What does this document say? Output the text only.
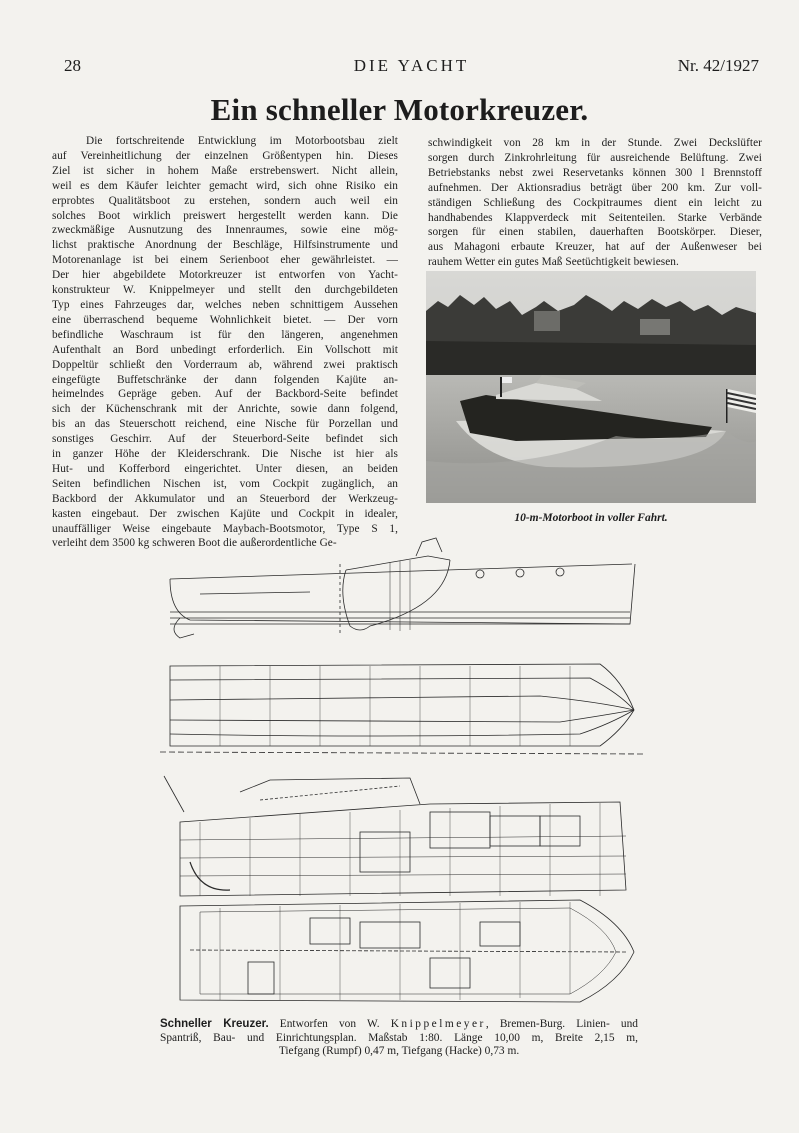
28	DIE YACHT	Nr. 42/1927
Ein schneller Motorkreuzer.
Die fortschreitende Entwicklung im Motorbootsbau zielt
auf Vereinheitlichung der einzelnen Größentypen hin. Dieses
Ziel ist sicher in hohem Maße erstrebenswert. Nicht allein,
weil es dem Käufer leichter gemacht wird, sich ohne Risiko ein
erprobtes Qualitätsboot zu erstehen, sondern auch weil ein
solches Boot wirklich preiswert hergestellt werden kann. Die
zweckmäßige Ausnutzung des Innenraumes, sowie eine mög-
lichst praktische Anordnung der Beschläge, Hilfsinstrumente und
Motorenanlage ist bei einem Serienboot eher gewährleistet. —
Der hier abgebildete Motorkreuzer ist entworfen von Yacht-
konstrukteur W. Knippelmeyer und stellt den durchgebildeten
Typ eines Fahrzeuges dar, welches neben schnittigem Aussehen
eine überraschend bequeme Wohnlichkeit bietet. — Der vorn
befindliche Waschraum ist für den längeren, angenehmen
Aufenthalt an Bord unbedingt erforderlich. Ein Vollschott mit
Doppeltür schließt den Vorderraum ab, während zwei praktisch
eingefügte Buffetschränke der dann folgenden Kajüte an-
heimelndes Gepräge geben. Auf der Backbord-Seite befindet
sich der Küchenschrank mit der Anrichte, sowie dann folgend,
bis an das Steuerschott reichend, eine Nische für Porzellan und
sonstiges Geschirr. Auf der Steuerbord-Seite befindet sich
in ganzer Höhe der Kleiderschrank. Die Nische ist hier als
Hut- und Kofferbord eingerichtet. Unter diesen, an beiden
Seiten befindlichen Nischen ist, vom Cockpit zugänglich, an
Backbord der Akkumulator und an Steuerbord der Werkzeug-
kasten eingebaut. Der zwischen Kajüte und Cockpit in idealer,
unauffälliger Weise eingebaute Maybach-Bootsmotor, Type S 1,
verleiht dem 3500 kg schweren Boot die außerordentliche Ge-
schwindigkeit von 28 km in der Stunde. Zwei Deckslüfter
sorgen durch Zinkrohrleitung für ausreichende Belüftung. Zwei
Betriebstanks nebst zwei Reservetanks können 300 l Brennstoff
aufnehmen. Der Aktionsradius beträgt über 200 km. Zur voll-
ständigen Schließung des Cockpitraumes dient ein leicht zu
handhabendes Klappverdeck mit Seitenteilen. Starke Verbände
sorgen für einen stabilen, dauerhaften Bootskörper. Dieser,
aus Mahagoni erbaute Kreuzer, hat auf der Außenweser bei
rauhem Wetter ein gutes Maß Seetüchtigkeit bewiesen.
10-m-Motorboot in voller Fahrt.
Schneller Kreuzer. Entworfen von W. Knippelmeyer, Bremen-Burg. Linien- und
Spantriß, Bau- und Einrichtungsplan. Maßstab 1:80. Länge 10,00 m, Breite 2,15 m,
Tiefgang (Rumpf) 0,47 m, Tiefgang (Hacke) 0,73 m.
